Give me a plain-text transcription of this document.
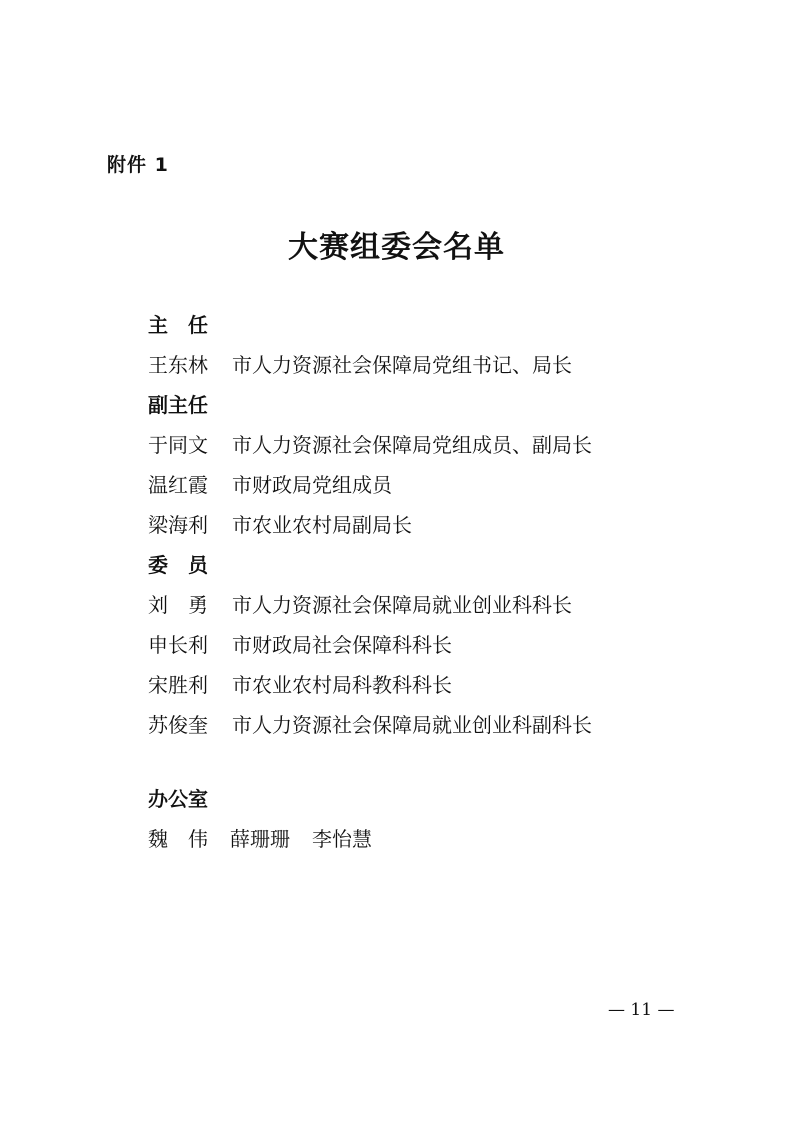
附件 1
大赛组委会名单
主　任
王东林 市人力资源社会保障局党组书记、局长
副主任
于同文 市人力资源社会保障局党组成员、副局长
温红霞 市财政局党组成员
梁海利 市农业农村局副局长
委　员
刘　勇 市人力资源社会保障局就业创业科科长
申长利 市财政局社会保障科科长
宋胜利 市农业农村局科教科科长
苏俊奎 市人力资源社会保障局就业创业科副科长
办公室
魏　伟 薛珊珊 李怡慧
— 11 —
